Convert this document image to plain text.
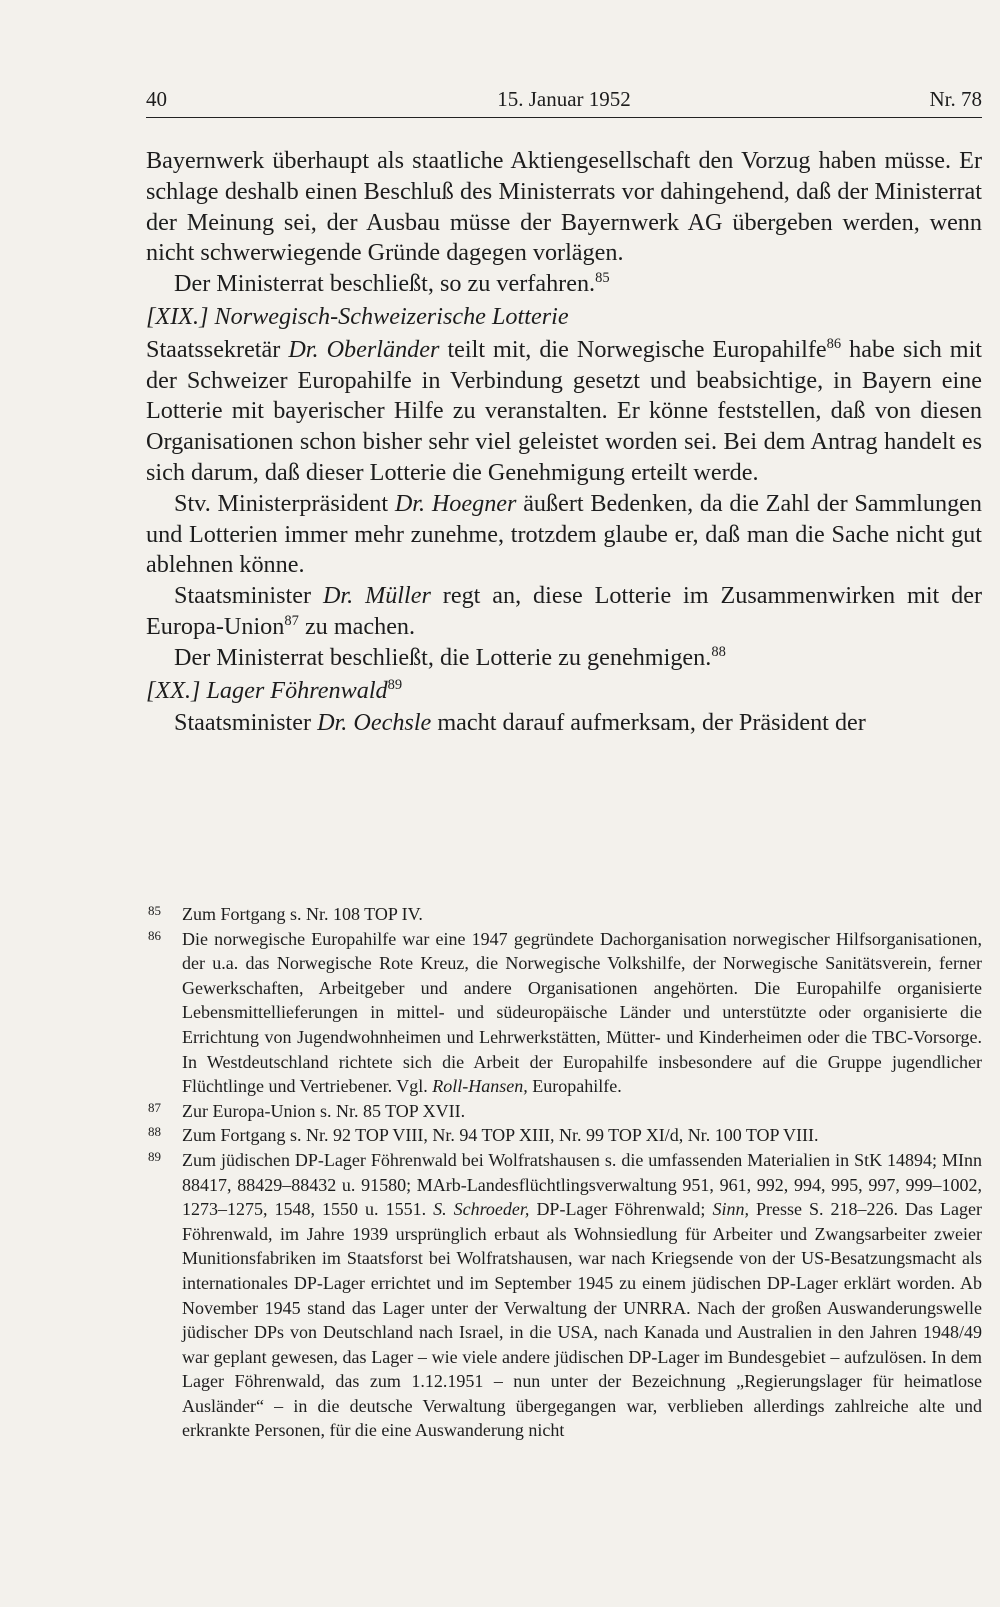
40	15. Januar 1952	Nr. 78

Bayernwerk überhaupt als staatliche Aktiengesellschaft den Vorzug haben müsse. Er schlage deshalb einen Beschluß des Ministerrats vor dahingehend, daß der Ministerrat der Meinung sei, der Ausbau müsse der Bayernwerk AG übergeben werden, wenn nicht schwerwiegende Gründe dagegen vorlägen.

Der Ministerrat beschließt, so zu verfahren.$^{85}$

[XIX.] Norwegisch-Schweizerische Lotterie

Staatssekretär Dr. Oberländer teilt mit, die Norwegische Europahilfe$^{86}$ habe sich mit der Schweizer Europahilfe in Verbindung gesetzt und beabsichtige, in Bayern eine Lotterie mit bayerischer Hilfe zu veranstalten. Er könne feststellen, daß von diesen Organisationen schon bisher sehr viel geleistet worden sei. Bei dem Antrag handelt es sich darum, daß dieser Lotterie die Genehmigung erteilt werde.

Stv. Ministerpräsident Dr. Hoegner äußert Bedenken, da die Zahl der Sammlungen und Lotterien immer mehr zunehme, trotzdem glaube er, daß man die Sache nicht gut ablehnen könne.

Staatsminister Dr. Müller regt an, diese Lotterie im Zusammenwirken mit der Europa-Union$^{87}$ zu machen.

Der Ministerrat beschließt, die Lotterie zu genehmigen.$^{88}$

[XX.] Lager Föhrenwald$^{89}$

Staatsminister Dr. Oechsle macht darauf aufmerksam, der Präsident der

85 Zum Fortgang s. Nr. 108 TOP IV.

86 Die norwegische Europahilfe war eine 1947 gegründete Dachorganisation norwegischer Hilfsorganisationen, der u.a. das Norwegische Rote Kreuz, die Norwegische Volkshilfe, der Norwegische Sanitätsverein, ferner Gewerkschaften, Arbeitgeber und andere Organisationen angehörten. Die Europahilfe organisierte Lebensmittellieferungen in mittel- und südeuropäische Länder und unterstützte oder organisierte die Errichtung von Jugendwohnheimen und Lehrwerkstätten, Mütter- und Kinderheimen oder die TBC-Vorsorge. In Westdeutschland richtete sich die Arbeit der Europahilfe insbesondere auf die Gruppe jugendlicher Flüchtlinge und Vertriebener. Vgl. Roll-Hansen, Europahilfe.

87 Zur Europa-Union s. Nr. 85 TOP XVII.

88 Zum Fortgang s. Nr. 92 TOP VIII, Nr. 94 TOP XIII, Nr. 99 TOP XI/d, Nr. 100 TOP VIII.

89 Zum jüdischen DP-Lager Föhrenwald bei Wolfratshausen s. die umfassenden Materialien in StK 14894; MInn 88417, 88429–88432 u. 91580; MArb-Landesflüchtlingsverwaltung 951, 961, 992, 994, 995, 997, 999–1002, 1273–1275, 1548, 1550 u. 1551. S. Schroeder, DP-Lager Föhrenwald; Sinn, Presse S. 218–226. Das Lager Föhrenwald, im Jahre 1939 ursprünglich erbaut als Wohnsiedlung für Arbeiter und Zwangsarbeiter zweier Munitionsfabriken im Staatsforst bei Wolfratshausen, war nach Kriegsende von der US-Besatzungsmacht als internationales DP-Lager errichtet und im September 1945 zu einem jüdischen DP-Lager erklärt worden. Ab November 1945 stand das Lager unter der Verwaltung der UNRRA. Nach der großen Auswanderungswelle jüdischer DPs von Deutschland nach Israel, in die USA, nach Kanada und Australien in den Jahren 1948/49 war geplant gewesen, das Lager – wie viele andere jüdischen DP-Lager im Bundesgebiet – aufzulösen. In dem Lager Föhrenwald, das zum 1.12.1951 – nun unter der Bezeichnung „Regierungslager für heimatlose Ausländer“ – in die deutsche Verwaltung übergegangen war, verblieben allerdings zahlreiche alte und erkrankte Personen, für die eine Auswanderung nicht
